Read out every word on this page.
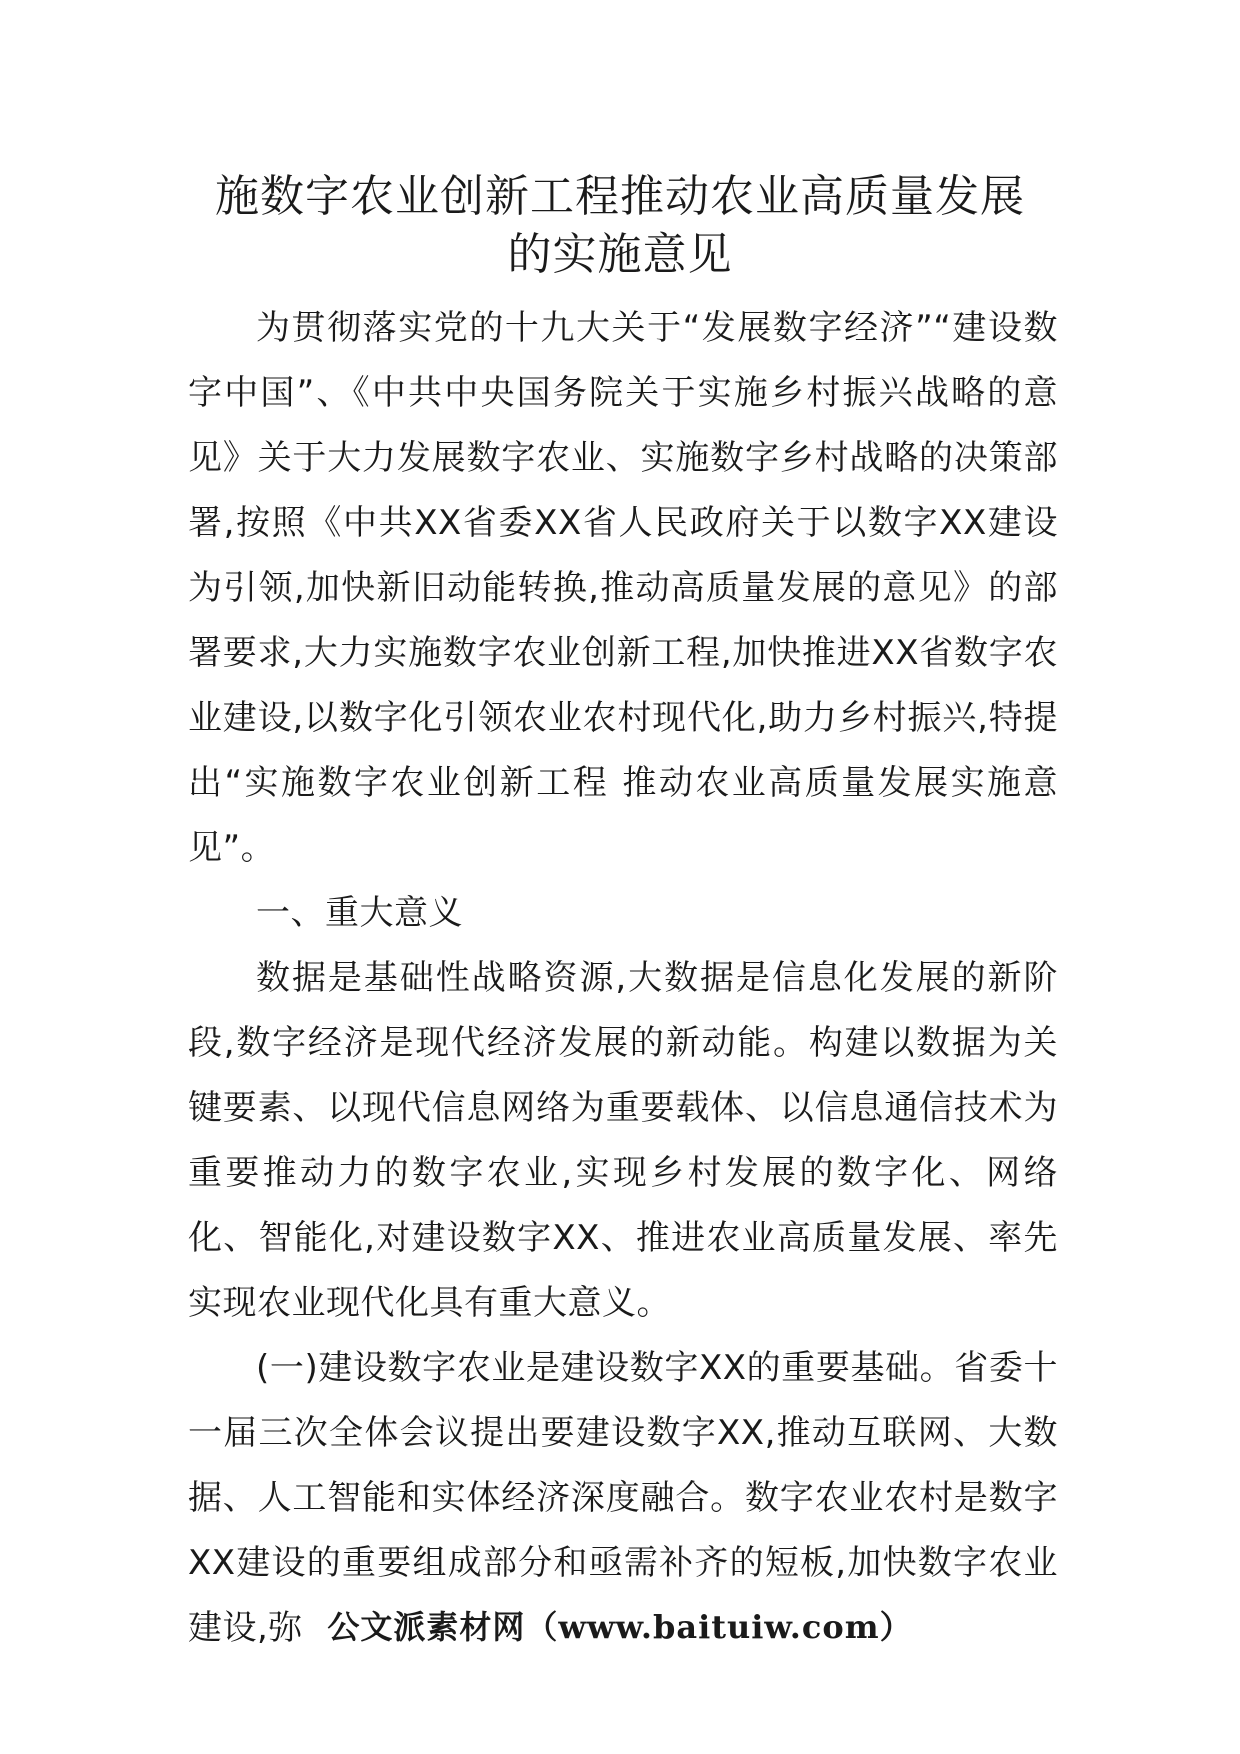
施数字农业创新工程推动农业高质量发展
的实施意见

为贯彻落实党的十九大关于“发展数字经济”“建设数字中国”、《中共中央国务院关于实施乡村振兴战略的意见》关于大力发展数字农业、实施数字乡村战略的决策部署,按照《中共XX省委XX省人民政府关于以数字XX建设为引领,加快新旧动能转换,推动高质量发展的意见》的部署要求,大力实施数字农业创新工程,加快推进XX省数字农业建设,以数字化引领农业农村现代化,助力乡村振兴,特提出“实施数字农业创新工程 推动农业高质量发展实施意见”。

一、重大意义

数据是基础性战略资源,大数据是信息化发展的新阶段,数字经济是现代经济发展的新动能。构建以数据为关键要素、以现代信息网络为重要载体、以信息通信技术为重要推动力的数字农业,实现乡村发展的数字化、网络化、智能化,对建设数字XX、推进农业高质量发展、率先实现农业现代化具有重大意义。

(一)建设数字农业是建设数字XX的重要基础。省委十一届三次全体会议提出要建设数字XX,推动互联网、大数据、人工智能和实体经济深度融合。数字农业农村是数字XX建设的重要组成部分和亟需补齐的短板,加快数字农业建设,弥 公文派素材网（www.baituiw.com）
